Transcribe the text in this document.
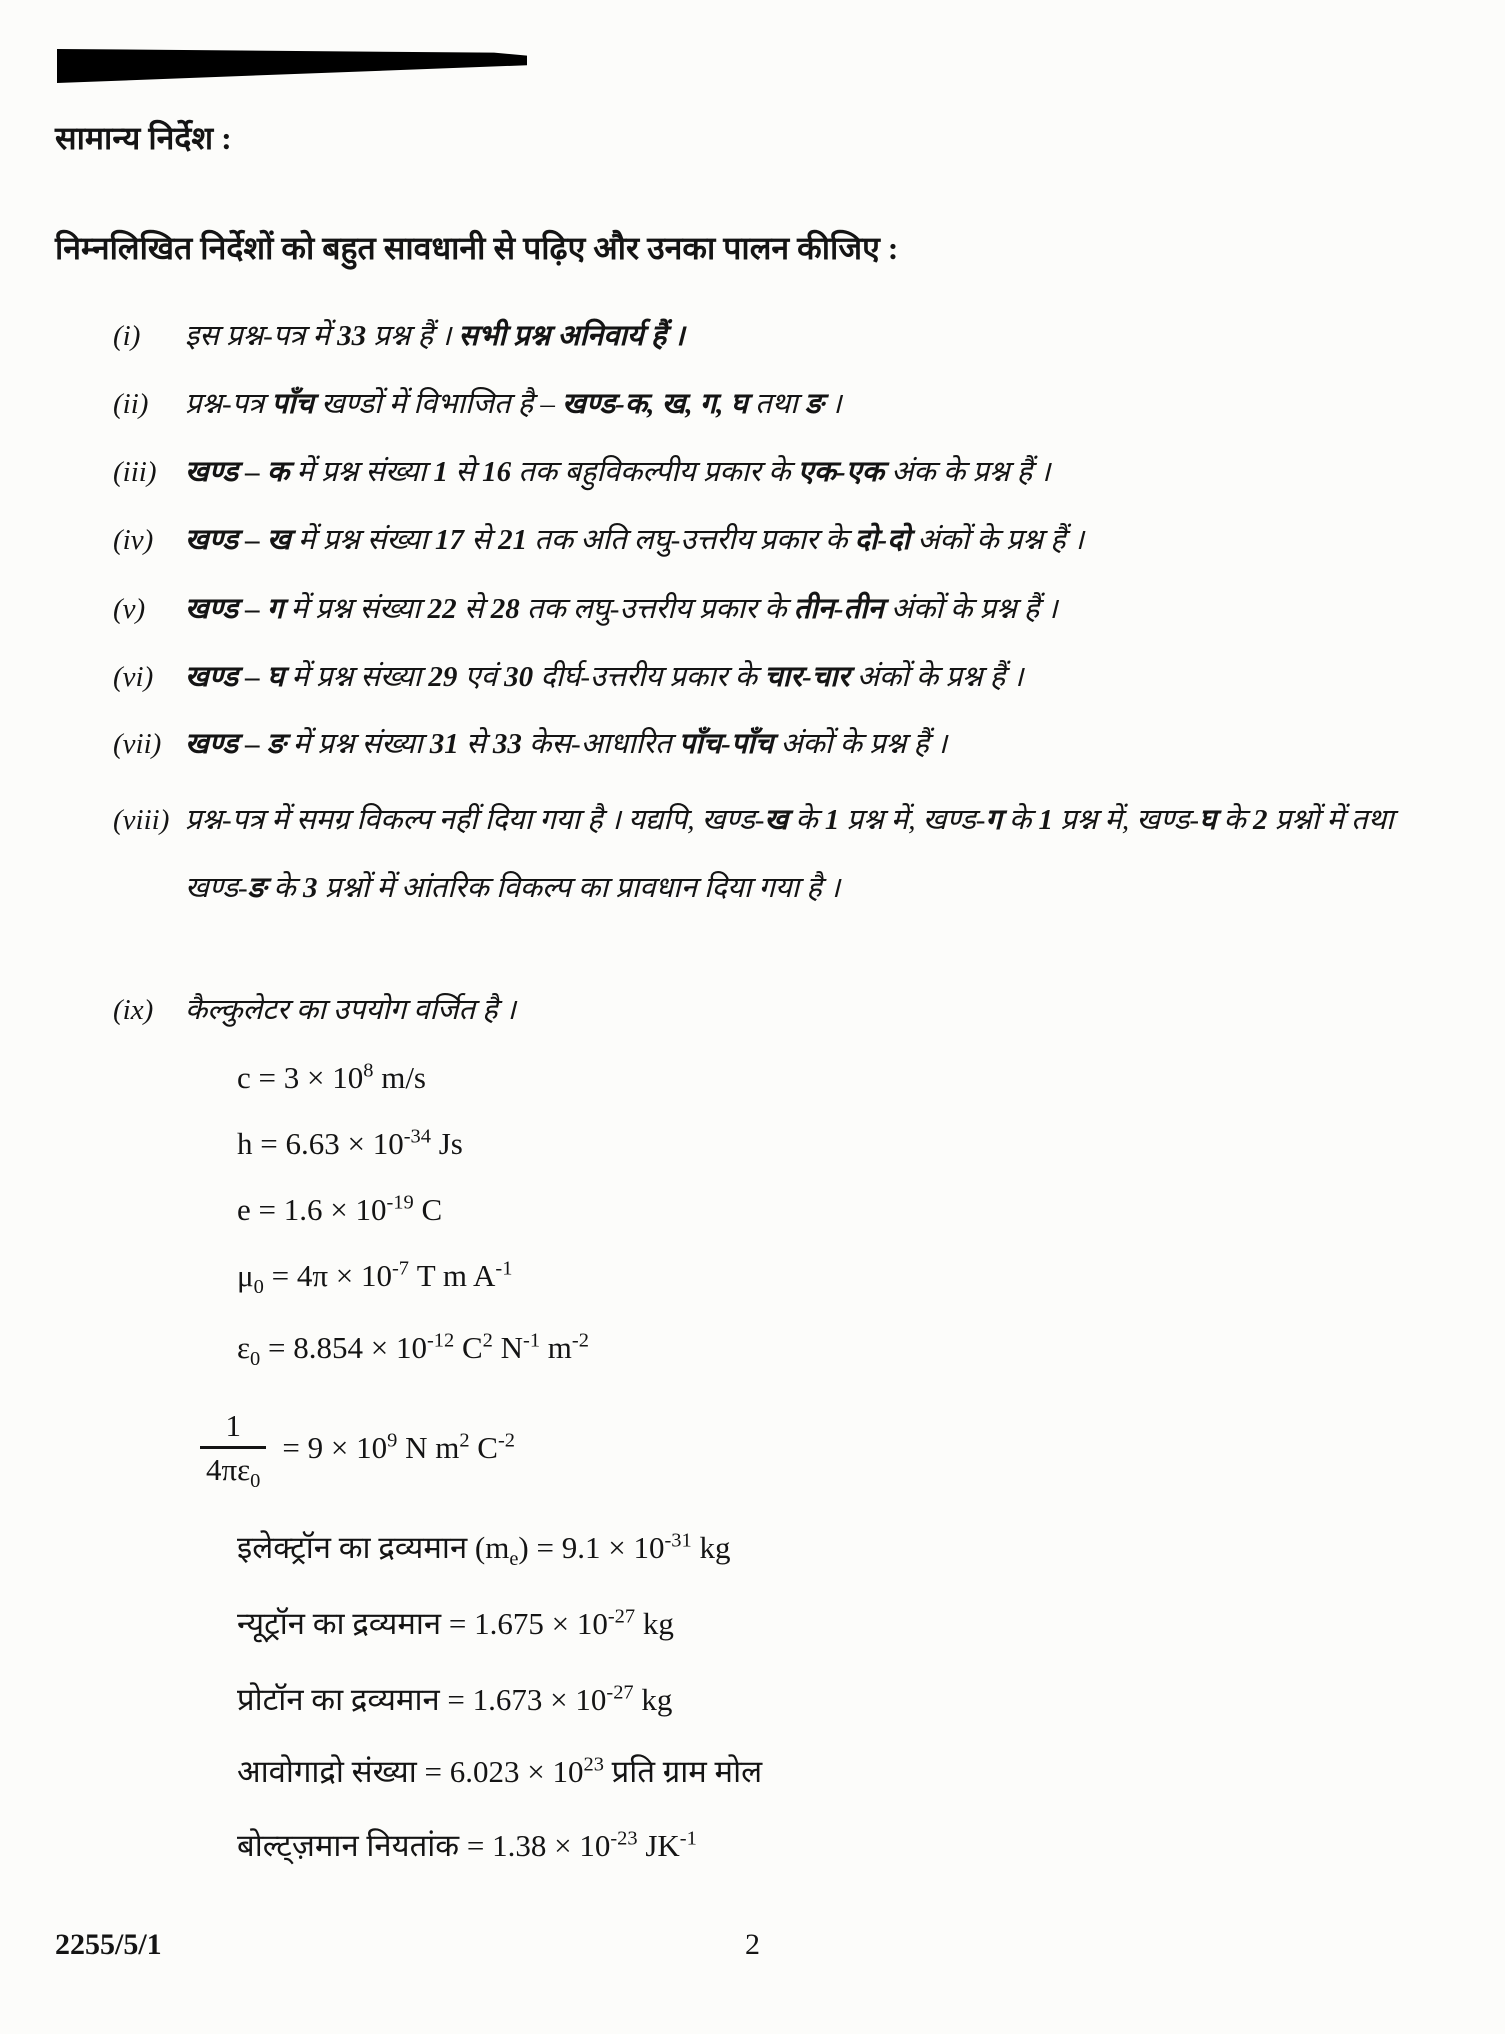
सामान्य निर्देश :
निम्नलिखित निर्देशों को बहुत सावधानी से पढ़िए और उनका पालन कीजिए :
(i)	इस प्रश्न-पत्र में 33 प्रश्न हैं । सभी प्रश्न अनिवार्य हैं ।
(ii)	प्रश्न-पत्र पाँच खण्डों में विभाजित है – खण्ड-क, ख, ग, घ तथा ङ ।
(iii) खण्ड – क में प्रश्न संख्या 1 से 16 तक बहुविकल्पीय प्रकार के एक-एक अंक के प्रश्न हैं ।
(iv)	खण्ड – ख में प्रश्न संख्या 17 से 21 तक अति लघु-उत्तरीय प्रकार के दो-दो अंकों के प्रश्न हैं ।
(v)	खण्ड – ग में प्रश्न संख्या 22 से 28 तक लघु-उत्तरीय प्रकार के तीन-तीन अंकों के प्रश्न हैं ।
(vi)	खण्ड – घ में प्रश्न संख्या 29 एवं 30 दीर्घ-उत्तरीय प्रकार के चार-चार अंकों के प्रश्न हैं ।
(vii) खण्ड – ङ में प्रश्न संख्या 31 से 33 केस-आधारित पाँच-पाँच अंकों के प्रश्न हैं ।
(viii) प्रश्न-पत्र में समग्र विकल्प नहीं दिया गया है । यद्यपि, खण्ड-ख के 1 प्रश्न में, खण्ड-ग के 1 प्रश्न में, खण्ड-घ के 2 प्रश्नों में तथा खण्ड-ङ के 3 प्रश्नों में आंतरिक विकल्प का प्रावधान दिया गया है ।
(ix)	कैल्कुलेटर का उपयोग वर्जित है ।
$c = 3 \times 10^8$ m/s
$h = 6.63 \times 10^{-34}$ Js
$e = 1.6 \times 10^{-19}$ C
$\mu_0 = 4\pi \times 10^{-7}$ T m $A^{-1}$
$\varepsilon_0 = 8.854 \times 10^{-12}$ $C^2$ $N^{-1}$ $m^{-2}$
$\frac{1}{4\pi\varepsilon_0} = 9 \times 10^9$ N $m^2$ $C^{-2}$
इलेक्ट्रॉन का द्रव्यमान $(m_e) = 9.1 \times 10^{-31}$ kg
न्यूट्रॉन का द्रव्यमान = $1.675 \times 10^{-27}$ kg
प्रोटॉन का द्रव्यमान = $1.673 \times 10^{-27}$ kg
आवोगाद्रो संख्या = $6.023 \times 10^{23}$ प्रति ग्राम मोल
बोल्ट्ज़मान नियतांक = $1.38 \times 10^{-23}$ $JK^{-1}$
2255/5/1	2
